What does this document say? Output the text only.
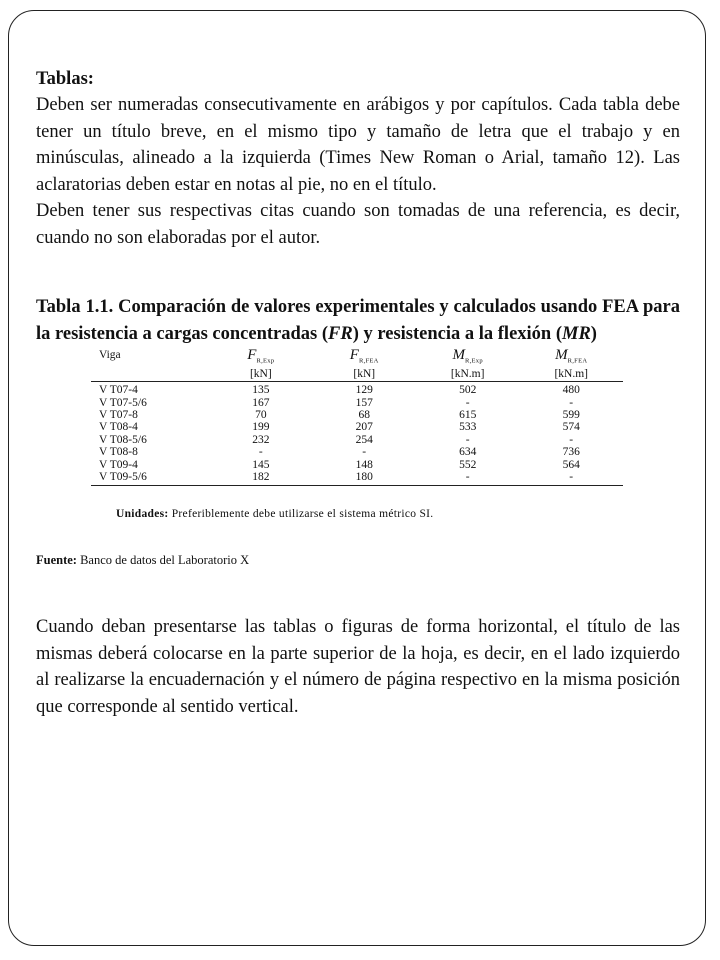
Tablas:

Deben ser numeradas consecutivamente en arábigos y por capítulos. Cada tabla debe tener un título breve, en el mismo tipo y tamaño de letra que el trabajo y en minúsculas, alineado a la izquierda (Times New Roman o Arial, tamaño 12). Las aclaratorias deben estar en notas al pie, no en el título.

Deben tener sus respectivas citas cuando son tomadas de una referencia, es decir, cuando no son elaboradas por el autor.

Tabla 1.1. Comparación de valores experimentales y calculados usando FEA para la resistencia a cargas concentradas (FR) y resistencia a la flexión (MR)

Viga	$F_{R,Exp}$	$F_{R,FEA}$	$M_{R,Exp}$	$M_{R,FEA}$
	[kN]	[kN]	[kN.m]	[kN.m]
V T07-4	135	129	502	480
V T07-5/6	167	157	-	-
V T07-8	70	68	615	599
V T08-4	199	207	533	574
V T08-5/6	232	254	-	-
V T08-8	-	-	634	736
V T09-4	145	148	552	564
V T09-5/6	182	180	-	-
Unidades: Preferiblemente debe utilizarse el sistema métrico SI.
Fuente: Banco de datos del Laboratorio X

Cuando deban presentarse las tablas o figuras de forma horizontal, el título de las mismas deberá colocarse en la parte superior de la hoja, es decir, en el lado izquierdo al realizarse la encuadernación y el número de página respectivo en la misma posición que corresponde al sentido vertical.
